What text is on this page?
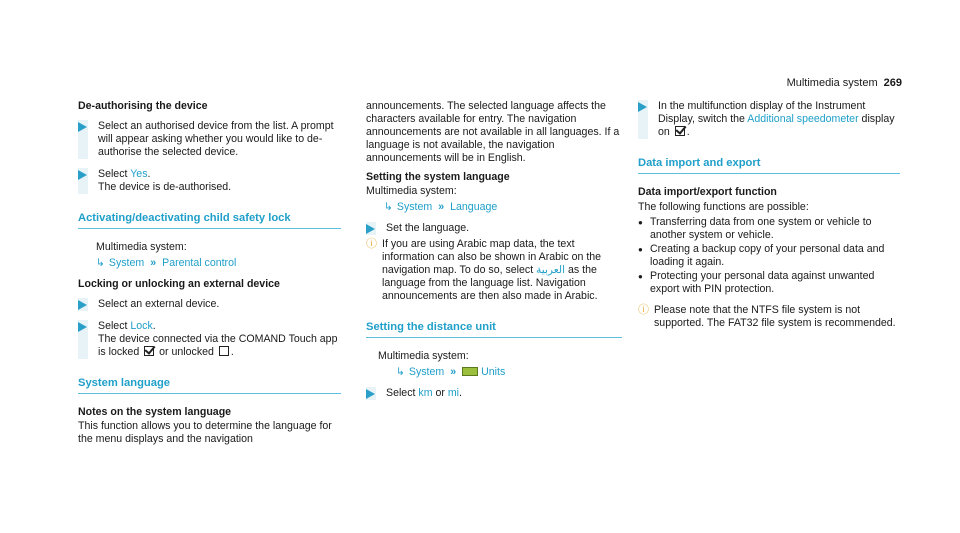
Multimedia system 269
De-authorising the device

Select an authorised device from the list. A prompt will appear asking whether you would like to de-authorise the selected device.

Select Yes.

The device is de-authorised.

Activating/deactivating child safety lock
Multimedia system:
↳ System » Parental control
Locking or unlocking an external device

Select an external device.

Select Lock.

The device connected via the COMAND Touch app is locked or unlocked .

System language
Notes on the system language

This function allows you to determine the language for the menu displays and the navigation

announcements. The selected language affects the characters available for entry. The navigation announcements are not available in all languages. If a language is not available, the navigation announcements will be in English.

Setting the system language
Multimedia system:
↳ System » Language

Set the language.

ⓘ If you are using Arabic map data, the text information can also be shown in Arabic on the navigation map. To do so, select العربية as the language from the language list. Navigation announcements are then also made in Arabic.

Setting the distance unit
Multimedia system:
↳ System » Units

Select km or mi.

In the multifunction display of the Instrument Display, switch the Additional speedometer display on .

Data import and export
Data import/export function

The following functions are possible:

● Transferring data from one system or vehicle to another system or vehicle.
● Creating a backup copy of your personal data and loading it again.
● Protecting your personal data against unwanted export with PIN protection.
ⓘ Please note that the NTFS file system is not supported. The FAT32 file system is recommended.
